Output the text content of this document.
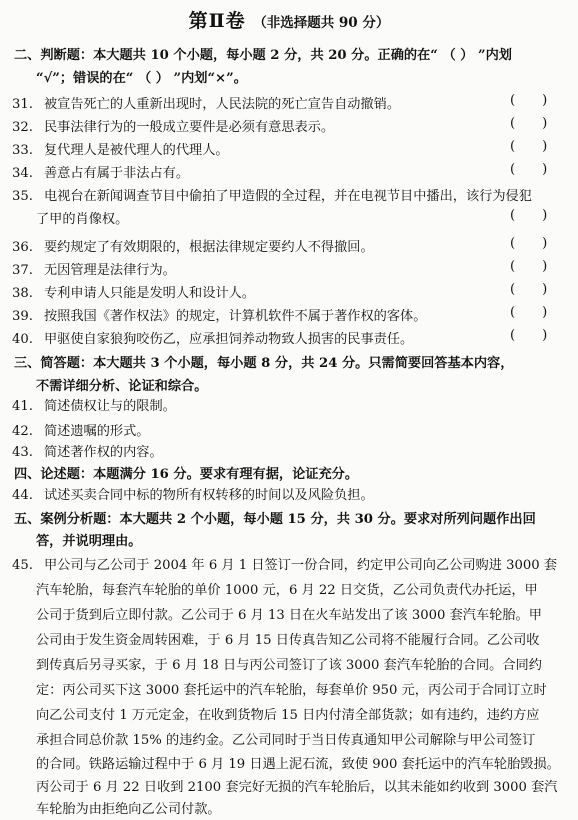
第Ⅱ卷 （非选择题共 90 分）
二、判断题：本大题共 10 个小题，每小题 2 分，共 20 分。正确的在“ （ ） ”内划
“√”；错误的在“ （ ） ”内划“×”。
31. 被宣告死亡的人重新出现时，人民法院的死亡宣告自动撤销。	()
32. 民事法律行为的一般成立要件是必须有意思表示。	()
33. 复代理人是被代理人的代理人。	()
34. 善意占有属于非法占有。	()
35. 电视台在新闻调查节目中偷拍了甲造假的全过程，并在电视节目中播出，该行为侵犯
了甲的肖像权。	()
36. 要约规定了有效期限的，根据法律规定要约人不得撤回。	()
37. 无因管理是法律行为。	()
38. 专利申请人只能是发明人和设计人。	()
39. 按照我国《著作权法》的规定，计算机软件不属于著作权的客体。	()
40. 甲驱使自家狼狗咬伤乙，应承担饲养动物致人损害的民事责任。	()
三、简答题：本大题共 3 个小题，每小题 8 分，共 24 分。只需简要回答基本内容，
不需详细分析、论证和综合。
41. 简述债权让与的限制。
42. 简述遗嘱的形式。
43. 简述著作权的内容。
四、论述题：本题满分 16 分。要求有理有据，论证充分。
44. 试述买卖合同中标的物所有权转移的时间以及风险负担。
五、案例分析题：本大题共 2 个小题，每小题 15 分，共 30 分。要求对所列问题作出回
答，并说明理由。
45. 甲公司与乙公司于 2004 年 6 月 1 日签订一份合同，约定甲公司向乙公司购进 3000 套
汽车轮胎，每套汽车轮胎的单价 1000 元，6 月 22 日交货，乙公司负责代办托运，甲
公司于货到后立即付款。乙公司于 6 月 13 日在火车站发出了该 3000 套汽车轮胎。甲
公司由于发生资金周转困难，于 6 月 15 日传真告知乙公司将不能履行合同。乙公司收
到传真后另寻买家，于 6 月 18 日与丙公司签订了该 3000 套汽车轮胎的合同。合同约
定：丙公司买下这 3000 套托运中的汽车轮胎，每套单价 950 元，丙公司于合同订立时
向乙公司支付 1 万元定金，在收到货物后 15 日内付清全部货款；如有违约，违约方应
承担合同总价款 15% 的违约金。乙公司同时于当日传真通知甲公司解除与甲公司签订
的合同。铁路运输过程中于 6 月 19 日遇上泥石流，致使 900 套托运中的汽车轮胎毁损。
丙公司于 6 月 22 日收到 2100 套完好无损的汽车轮胎后，以其未能如约收到 3000 套汽
车轮胎为由拒绝向乙公司付款。
